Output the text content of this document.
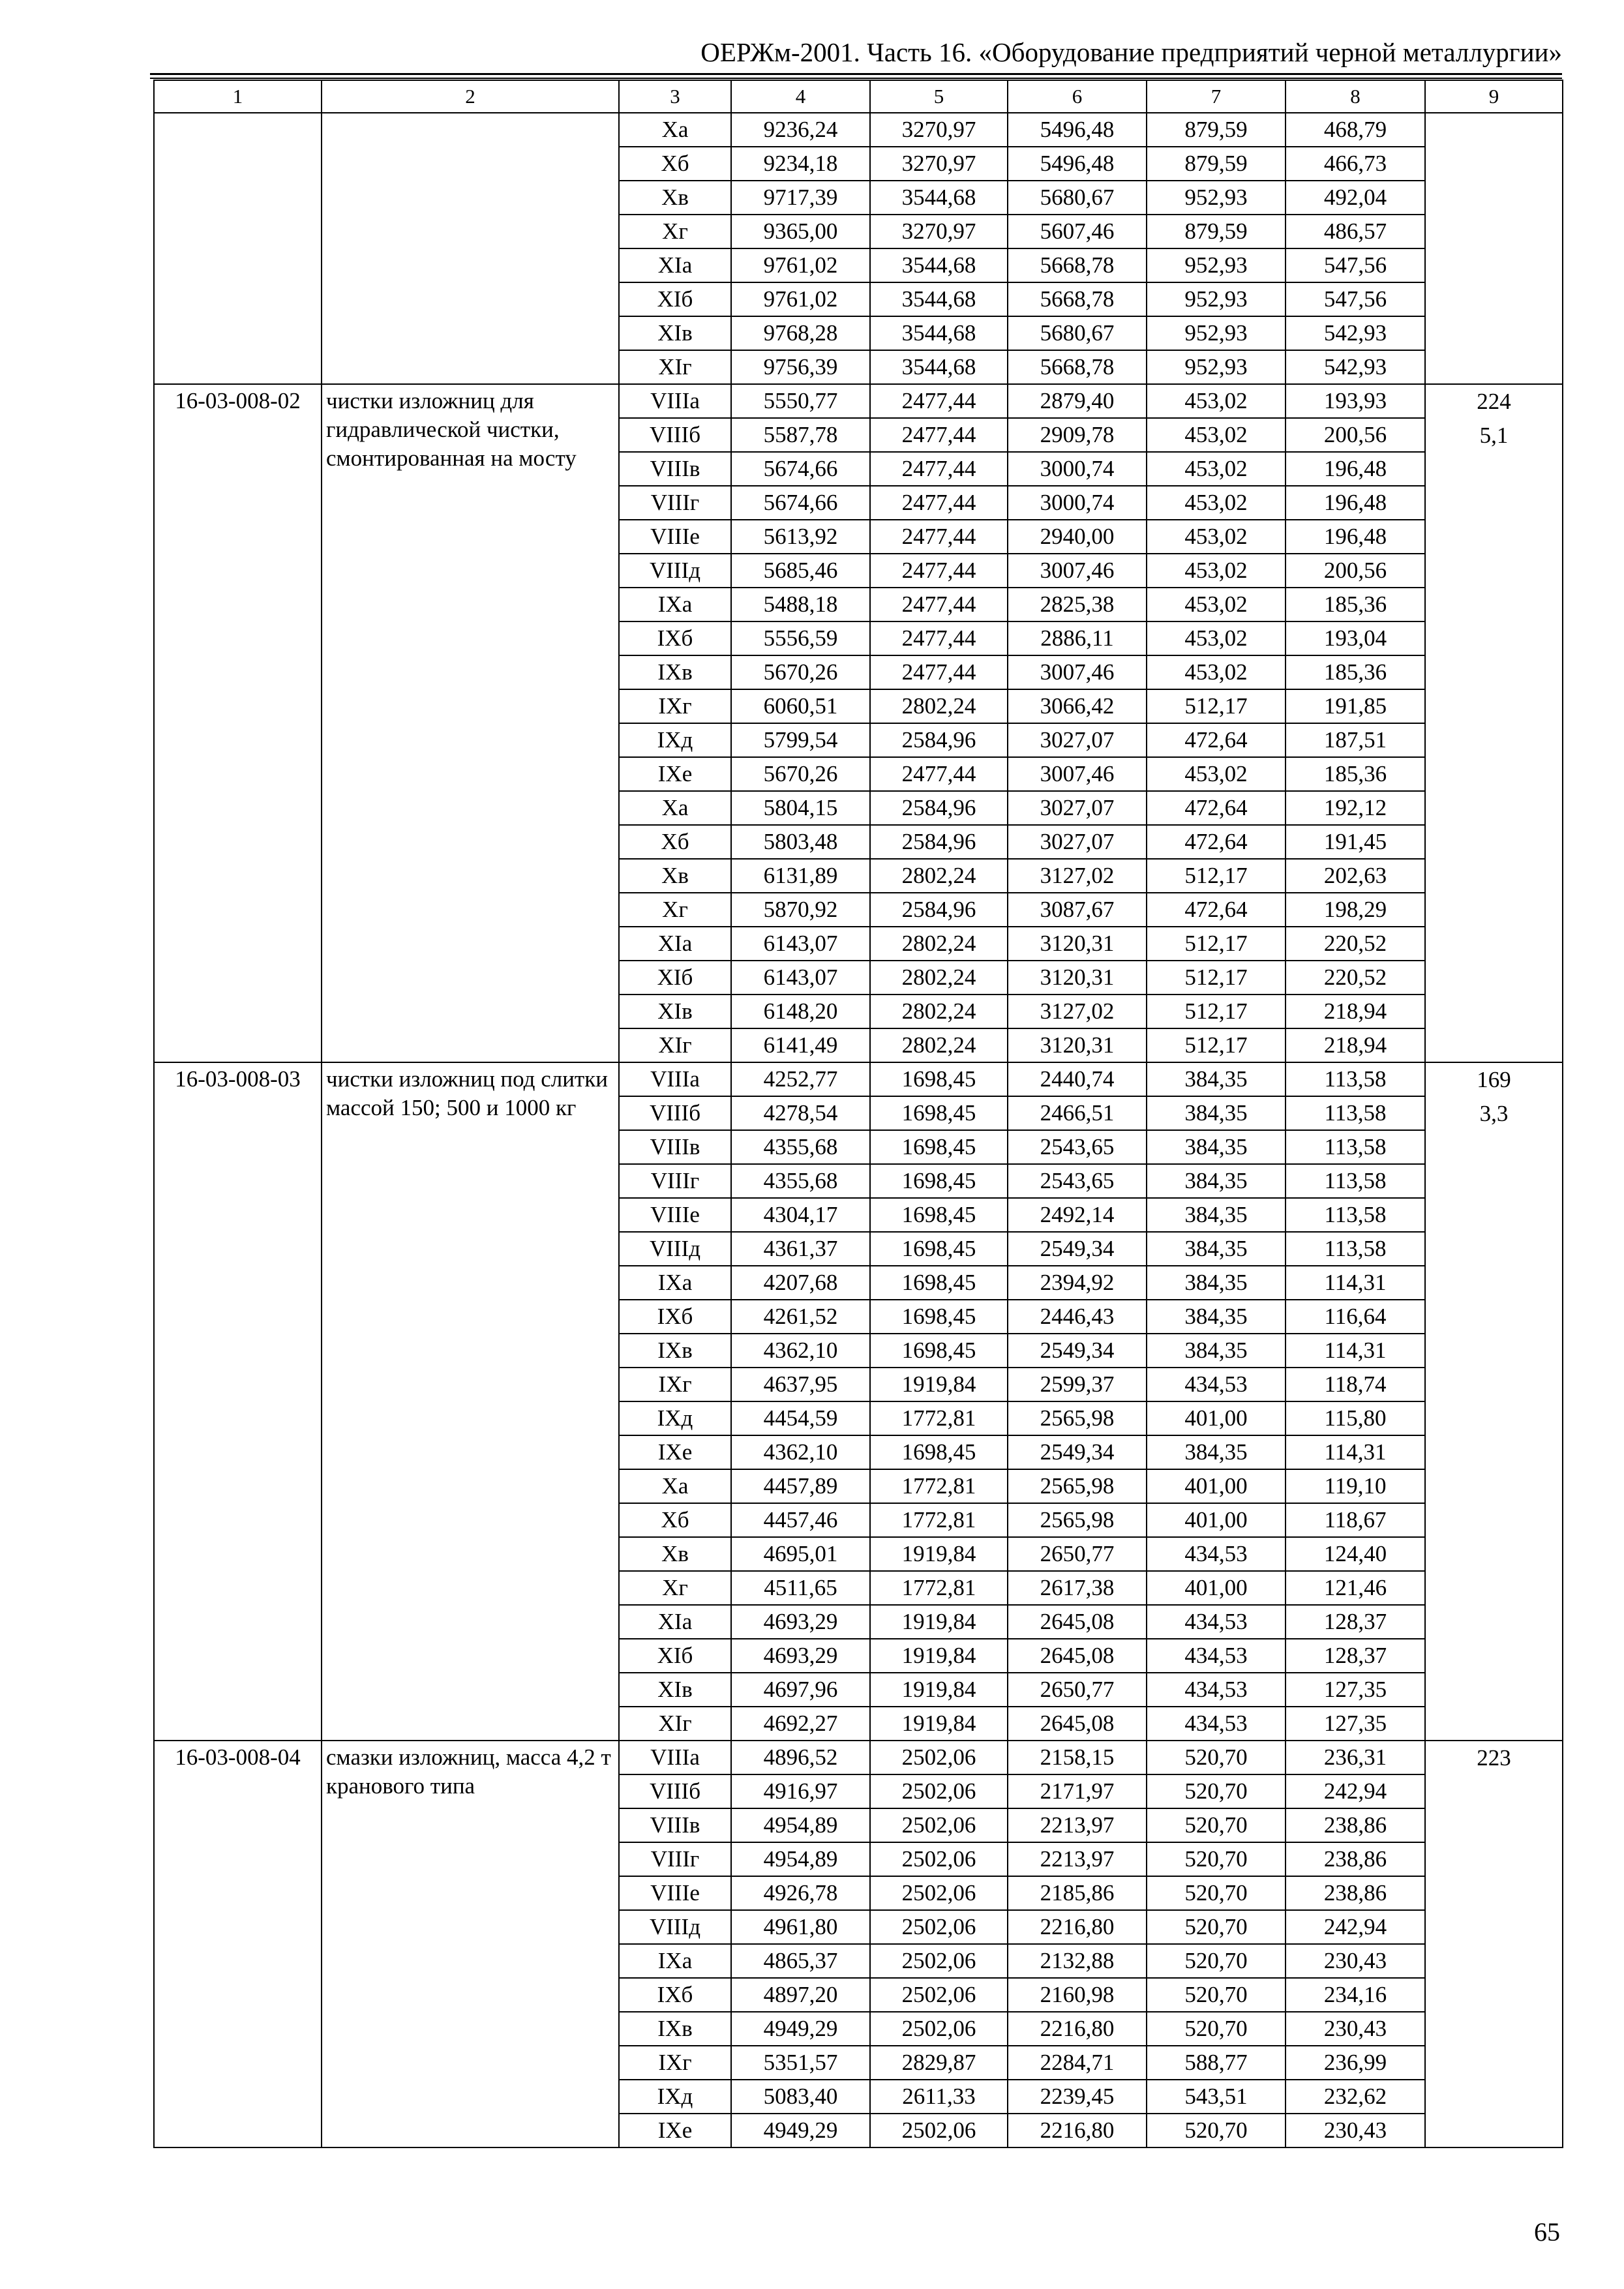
ОЕРЖм-2001. Часть 16. «Оборудование предприятий черной металлургии»
1	2	3	4	5	6	7	8	9
		Xa	9236,24	3270,97	5496,48	879,59	468,79	
		Xб	9234,18	3270,97	5496,48	879,59	466,73	
		Xв	9717,39	3544,68	5680,67	952,93	492,04	
		Xг	9365,00	3270,97	5607,46	879,59	486,57	
		XIa	9761,02	3544,68	5668,78	952,93	547,56	
		XIб	9761,02	3544,68	5668,78	952,93	547,56	
		XIв	9768,28	3544,68	5680,67	952,93	542,93	
		XIг	9756,39	3544,68	5668,78	952,93	542,93	
16-03-008-02	чистки изложниц для гидравлической чистки, смонтированная на мосту	VIIIa	5550,77	2477,44	2879,40	453,02	193,93	224
5,1

		VIIIб	5587,78	2477,44	2909,78	453,02	200,56	
		VIIIв	5674,66	2477,44	3000,74	453,02	196,48	
		VIIIг	5674,66	2477,44	3000,74	453,02	196,48	
		VIIIe	5613,92	2477,44	2940,00	453,02	196,48	
		VIIIд	5685,46	2477,44	3007,46	453,02	200,56	
		IXa	5488,18	2477,44	2825,38	453,02	185,36	
		IXб	5556,59	2477,44	2886,11	453,02	193,04	
		IXв	5670,26	2477,44	3007,46	453,02	185,36	
		IXг	6060,51	2802,24	3066,42	512,17	191,85	
		IXд	5799,54	2584,96	3027,07	472,64	187,51	
		IXe	5670,26	2477,44	3007,46	453,02	185,36	
		Xa	5804,15	2584,96	3027,07	472,64	192,12	
		Xб	5803,48	2584,96	3027,07	472,64	191,45	
		Xв	6131,89	2802,24	3127,02	512,17	202,63	
		Xг	5870,92	2584,96	3087,67	472,64	198,29	
		XIa	6143,07	2802,24	3120,31	512,17	220,52	
		XIб	6143,07	2802,24	3120,31	512,17	220,52	
		XIв	6148,20	2802,24	3127,02	512,17	218,94	
		XIг	6141,49	2802,24	3120,31	512,17	218,94	
16-03-008-03	чистки изложниц под слитки массой 150; 500 и 1000 кг	VIIIa	4252,77	1698,45	2440,74	384,35	113,58	169
3,3

		VIIIб	4278,54	1698,45	2466,51	384,35	113,58	
		VIIIв	4355,68	1698,45	2543,65	384,35	113,58	
		VIIIг	4355,68	1698,45	2543,65	384,35	113,58	
		VIIIe	4304,17	1698,45	2492,14	384,35	113,58	
		VIIIд	4361,37	1698,45	2549,34	384,35	113,58	
		IXa	4207,68	1698,45	2394,92	384,35	114,31	
		IXб	4261,52	1698,45	2446,43	384,35	116,64	
		IXв	4362,10	1698,45	2549,34	384,35	114,31	
		IXг	4637,95	1919,84	2599,37	434,53	118,74	
		IXд	4454,59	1772,81	2565,98	401,00	115,80	
		IXe	4362,10	1698,45	2549,34	384,35	114,31	
		Xa	4457,89	1772,81	2565,98	401,00	119,10	
		Xб	4457,46	1772,81	2565,98	401,00	118,67	
		Xв	4695,01	1919,84	2650,77	434,53	124,40	
		Xг	4511,65	1772,81	2617,38	401,00	121,46	
		XIa	4693,29	1919,84	2645,08	434,53	128,37	
		XIб	4693,29	1919,84	2645,08	434,53	128,37	
		XIв	4697,96	1919,84	2650,77	434,53	127,35	
		XIг	4692,27	1919,84	2645,08	434,53	127,35	
16-03-008-04	смазки изложниц, масса 4,2 т кранового типа	VIIIa	4896,52	2502,06	2158,15	520,70	236,31	223

		VIIIб	4916,97	2502,06	2171,97	520,70	242,94	
		VIIIв	4954,89	2502,06	2213,97	520,70	238,86	
		VIIIг	4954,89	2502,06	2213,97	520,70	238,86	
		VIIIe	4926,78	2502,06	2185,86	520,70	238,86	
		VIIIд	4961,80	2502,06	2216,80	520,70	242,94	
		IXa	4865,37	2502,06	2132,88	520,70	230,43	
		IXб	4897,20	2502,06	2160,98	520,70	234,16	
		IXв	4949,29	2502,06	2216,80	520,70	230,43	
		IXг	5351,57	2829,87	2284,71	588,77	236,99	
		IXд	5083,40	2611,33	2239,45	543,51	232,62	
		IXe	4949,29	2502,06	2216,80	520,70	230,43	
65
